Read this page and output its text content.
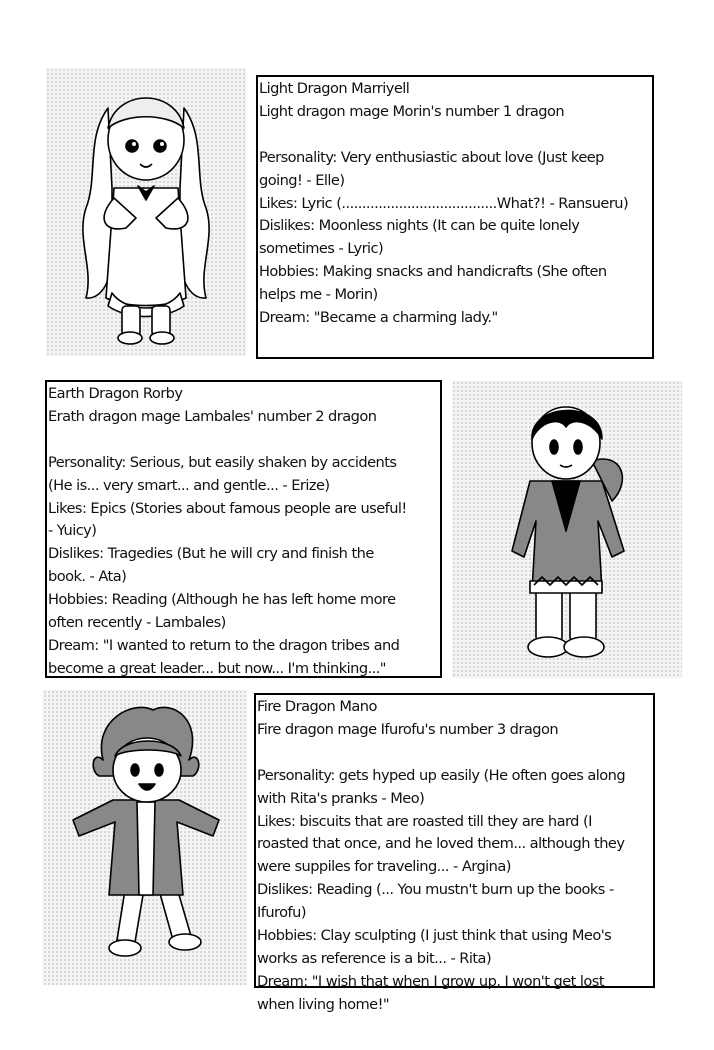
Light Dragon Marriyell
Light dragon mage Morin's number 1 dragon
Personality: Very enthusiastic about love (Just keep
going! - Elle)
Likes: Lyric (......................................What?! - Ransueru)
Dislikes: Moonless nights (It can be quite lonely
sometimes - Lyric)
Hobbies: Making snacks and handicrafts (She often
helps me - Morin)
Dream: "Became a charming lady."
Earth Dragon Rorby
Erath dragon mage Lambales' number 2 dragon
Personality: Serious, but easily shaken by accidents
(He is... very smart... and gentle... - Erize)
Likes: Epics (Stories about famous people are useful!
- Yuicy)
Dislikes: Tragedies (But he will cry and finish the
book. - Ata)
Hobbies: Reading (Although he has left home more
often recently - Lambales)
Dream: "I wanted to return to the dragon tribes and
become a great leader... but now... I'm thinking..."
Fire Dragon Mano
Fire dragon mage Ifurofu's number 3 dragon
Personality: gets hyped up easily (He often goes along
with Rita's pranks - Meo)
Likes: biscuits that are roasted till they are hard (I
roasted that once, and he loved them... although they
were suppiles for traveling... - Argina)
Dislikes: Reading (... You mustn't burn up the books -
Ifurofu)
Hobbies: Clay sculpting (I just think that using Meo's
works as reference is a bit... - Rita)
Dream: "I wish that when I grow up, I won't get lost
when living home!"
